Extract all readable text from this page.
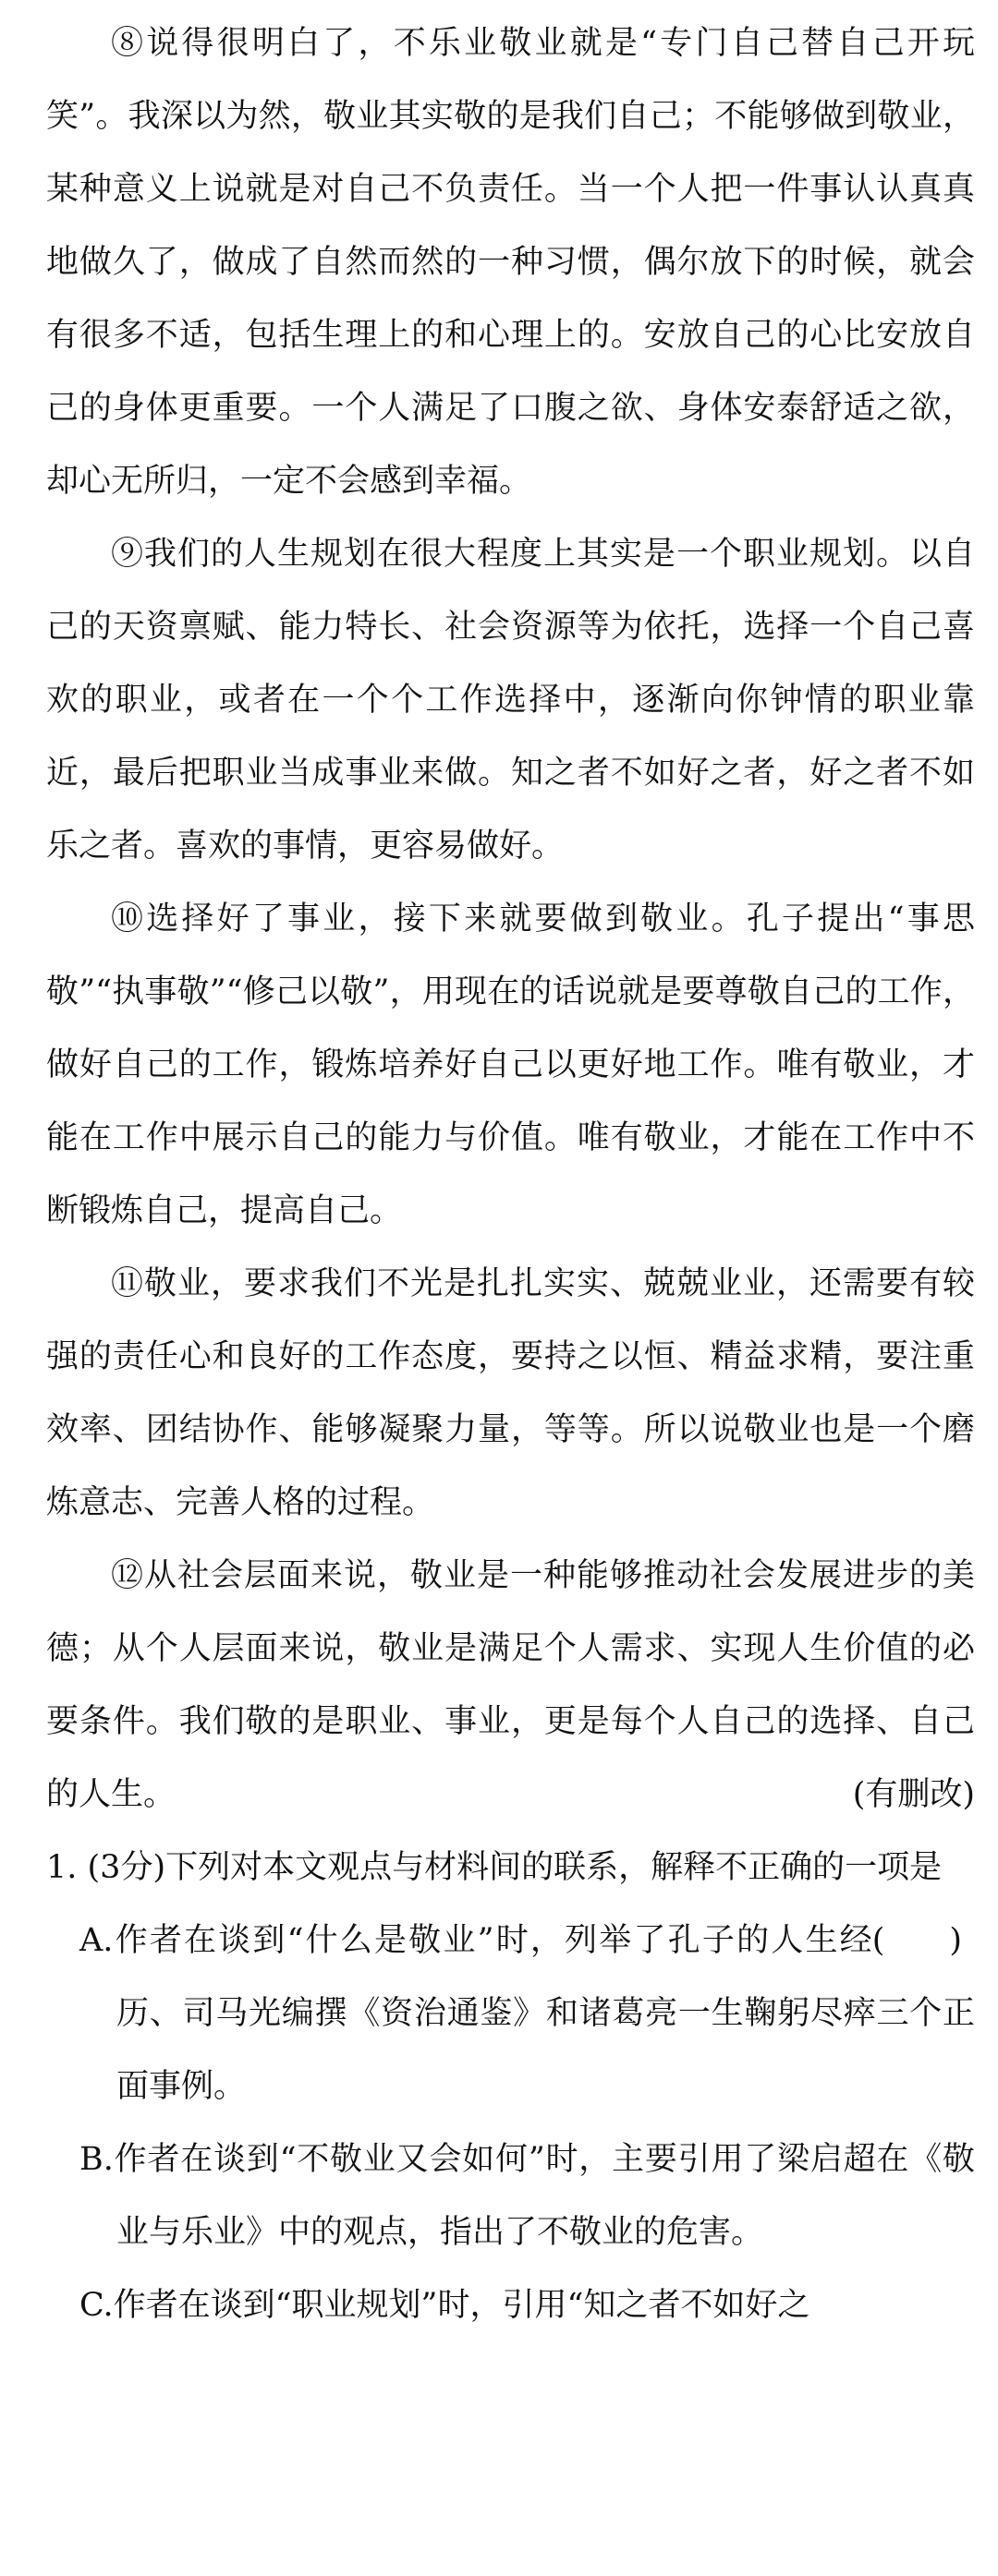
⑧说得很明白了，不乐业敬业就是“专门自己替自己开玩笑”。我深以为然，敬业其实敬的是我们自己；不能够做到敬业，某种意义上说就是对自己不负责任。当一个人把一件事认认真真地做久了，做成了自然而然的一种习惯，偶尔放下的时候，就会有很多不适，包括生理上的和心理上的。安放自己的心比安放自己的身体更重要。一个人满足了口腹之欲、身体安泰舒适之欲，却心无所归，一定不会感到幸福。

⑨我们的人生规划在很大程度上其实是一个职业规划。以自己的天资禀赋、能力特长、社会资源等为依托，选择一个自己喜欢的职业，或者在一个个工作选择中，逐渐向你钟情的职业靠近，最后把职业当成事业来做。知之者不如好之者，好之者不如乐之者。喜欢的事情，更容易做好。

⑩选择好了事业，接下来就要做到敬业。孔子提出“事思敬”“执事敬”“修己以敬”，用现在的话说就是要尊敬自己的工作，做好自己的工作，锻炼培养好自己以更好地工作。唯有敬业，才能在工作中展示自己的能力与价值。唯有敬业，才能在工作中不断锻炼自己，提高自己。

⑪敬业，要求我们不光是扎扎实实、兢兢业业，还需要有较强的责任心和良好的工作态度，要持之以恒、精益求精，要注重效率、团结协作、能够凝聚力量，等等。所以说敬业也是一个磨炼意志、完善人格的过程。

⑫从社会层面来说，敬业是一种能够推动社会发展进步的美德；从个人层面来说，敬业是满足个人需求、实现人生价值的必要条件。我们敬的是职业、事业，更是每个人自己的选择、自己的人生。	(有删改)

1. (3分)下列对本文观点与材料间的联系，解释不正确的一项是
(　　)

A.作者在谈到“什么是敬业”时，列举了孔子的人生经历、司马光编撰《资治通鉴》和诸葛亮一生鞠躬尽瘁三个正面事例。

B.作者在谈到“不敬业又会如何”时，主要引用了梁启超在《敬业与乐业》中的观点，指出了不敬业的危害。

C.作者在谈到“职业规划”时，引用“知之者不如好之
